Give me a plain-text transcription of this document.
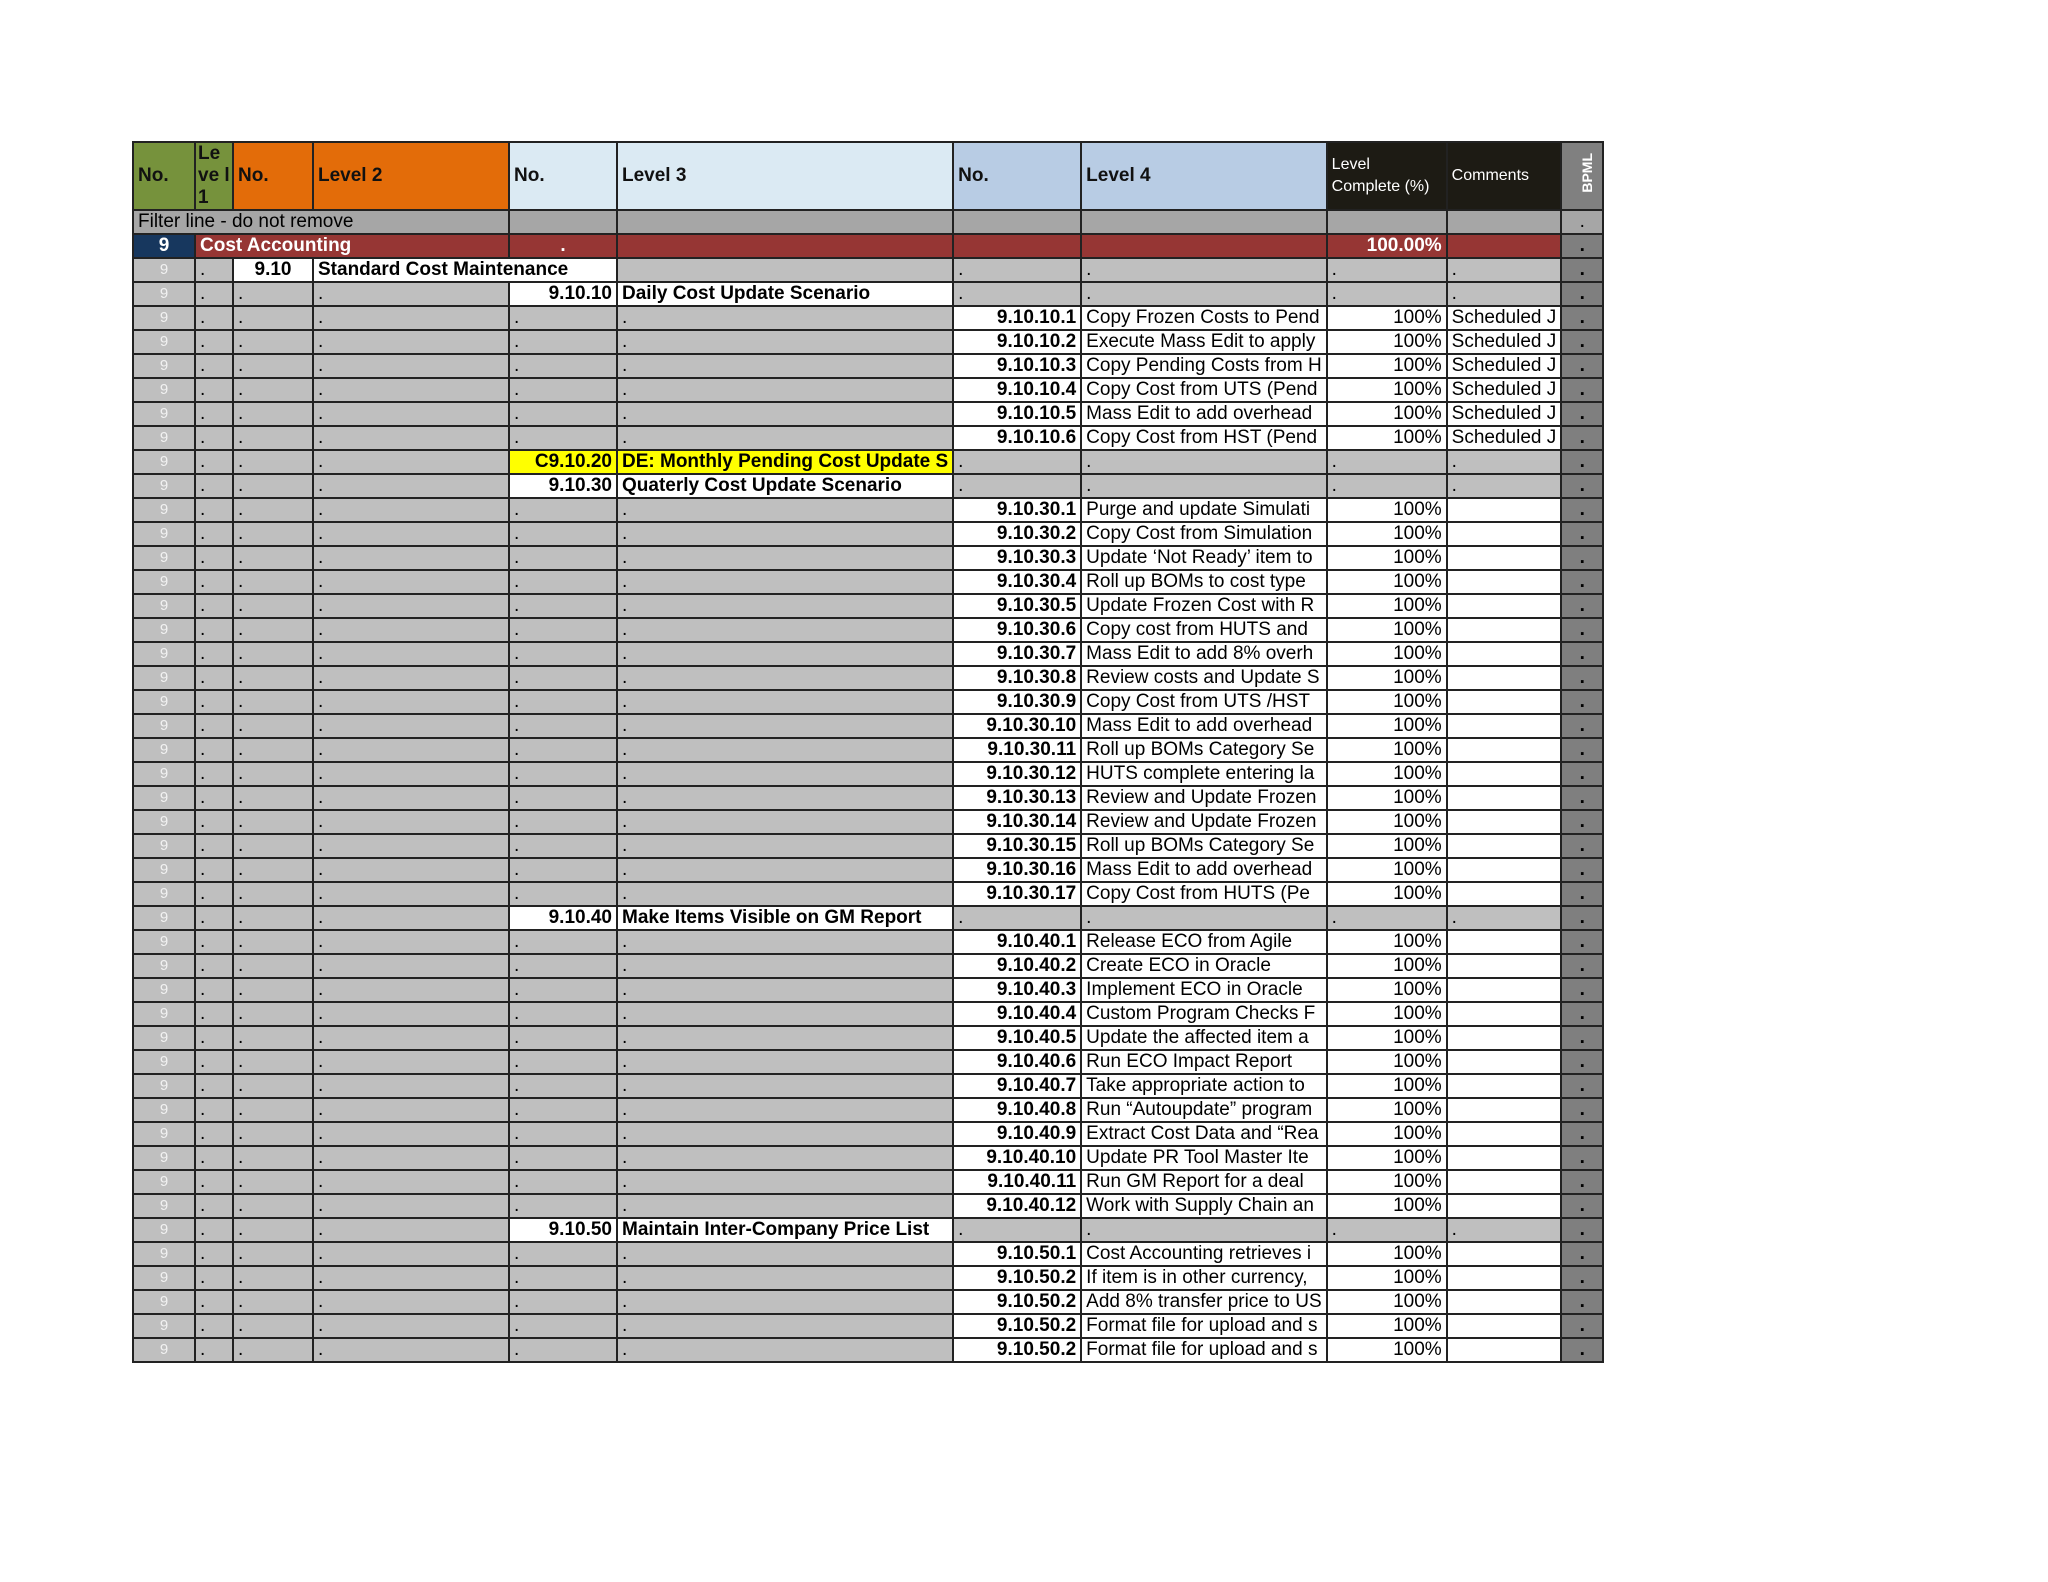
No.	Le ve l 1	No.	Level 2	No.	Level 3	No.	Level 4	Level Complete (%)	Comments	BPML
Filter line - do not remove										.
9	Cost Accounting			.				100.00%		.
9	.	9.10	Standard Cost Maintenance			.	.	.	.	.
9	.	.	.	9.10.10	Daily Cost Update Scenario	.	.	.	.	.
9	.	.	.	.	.	9.10.10.1	Copy Frozen Costs to Pend	100%	Scheduled J	.
9	.	.	.	.	.	9.10.10.2	Execute Mass Edit to apply	100%	Scheduled J	.
9	.	.	.	.	.	9.10.10.3	Copy Pending Costs from H	100%	Scheduled J	.
9	.	.	.	.	.	9.10.10.4	Copy Cost from UTS (Pend	100%	Scheduled J	.
9	.	.	.	.	.	9.10.10.5	Mass Edit to add overhead	100%	Scheduled J	.
9	.	.	.	.	.	9.10.10.6	Copy Cost from HST (Pend	100%	Scheduled J	.
9	.	.	.	C9.10.20	DE: Monthly Pending Cost Update S	.	.	.	.	.
9	.	.	.	9.10.30	Quaterly Cost Update Scenario	.	.	.	.	.
9	.	.	.	.	.	9.10.30.1	Purge and update Simulati	100%		.
9	.	.	.	.	.	9.10.30.2	Copy Cost from Simulation	100%		.
9	.	.	.	.	.	9.10.30.3	Update ‘Not Ready’ item to	100%		.
9	.	.	.	.	.	9.10.30.4	Roll up BOMs to cost type	100%		.
9	.	.	.	.	.	9.10.30.5	Update Frozen Cost with R	100%		.
9	.	.	.	.	.	9.10.30.6	Copy cost from HUTS and	100%		.
9	.	.	.	.	.	9.10.30.7	Mass Edit to add 8% overh	100%		.
9	.	.	.	.	.	9.10.30.8	Review costs and Update S	100%		.
9	.	.	.	.	.	9.10.30.9	Copy Cost from UTS /HST	100%		.
9	.	.	.	.	.	9.10.30.10	Mass Edit to add overhead	100%		.
9	.	.	.	.	.	9.10.30.11	Roll up BOMs Category Se	100%		.
9	.	.	.	.	.	9.10.30.12	HUTS complete entering la	100%		.
9	.	.	.	.	.	9.10.30.13	Review and Update Frozen	100%		.
9	.	.	.	.	.	9.10.30.14	Review and Update Frozen	100%		.
9	.	.	.	.	.	9.10.30.15	Roll up BOMs Category Se	100%		.
9	.	.	.	.	.	9.10.30.16	Mass Edit to add overhead	100%		.
9	.	.	.	.	.	9.10.30.17	Copy Cost from HUTS (Pe	100%		.
9	.	.	.	9.10.40	Make Items Visible on GM Report	.	.	.	.	.
9	.	.	.	.	.	9.10.40.1	Release ECO from Agile	100%		.
9	.	.	.	.	.	9.10.40.2	Create ECO in Oracle	100%		.
9	.	.	.	.	.	9.10.40.3	Implement ECO in Oracle	100%		.
9	.	.	.	.	.	9.10.40.4	Custom Program Checks F	100%		.
9	.	.	.	.	.	9.10.40.5	Update the affected item a	100%		.
9	.	.	.	.	.	9.10.40.6	Run ECO Impact Report	100%		.
9	.	.	.	.	.	9.10.40.7	Take appropriate action to	100%		.
9	.	.	.	.	.	9.10.40.8	Run “Autoupdate” program	100%		.
9	.	.	.	.	.	9.10.40.9	Extract Cost Data and “Rea	100%		.
9	.	.	.	.	.	9.10.40.10	Update PR Tool Master Ite	100%		.
9	.	.	.	.	.	9.10.40.11	Run GM Report for a deal	100%		.
9	.	.	.	.	.	9.10.40.12	Work with Supply Chain an	100%		.
9	.	.	.	9.10.50	Maintain Inter-Company Price List	.	.	.	.	.
9	.	.	.	.	.	9.10.50.1	Cost Accounting retrieves i	100%		.
9	.	.	.	.	.	9.10.50.2	If item is in other currency,	100%		.
9	.	.	.	.	.	9.10.50.2	Add 8% transfer price to US	100%		.
9	.	.	.	.	.	9.10.50.2	Format file for upload and s	100%		.
9	.	.	.	.	.	9.10.50.2	Format file for upload and s	100%		.
